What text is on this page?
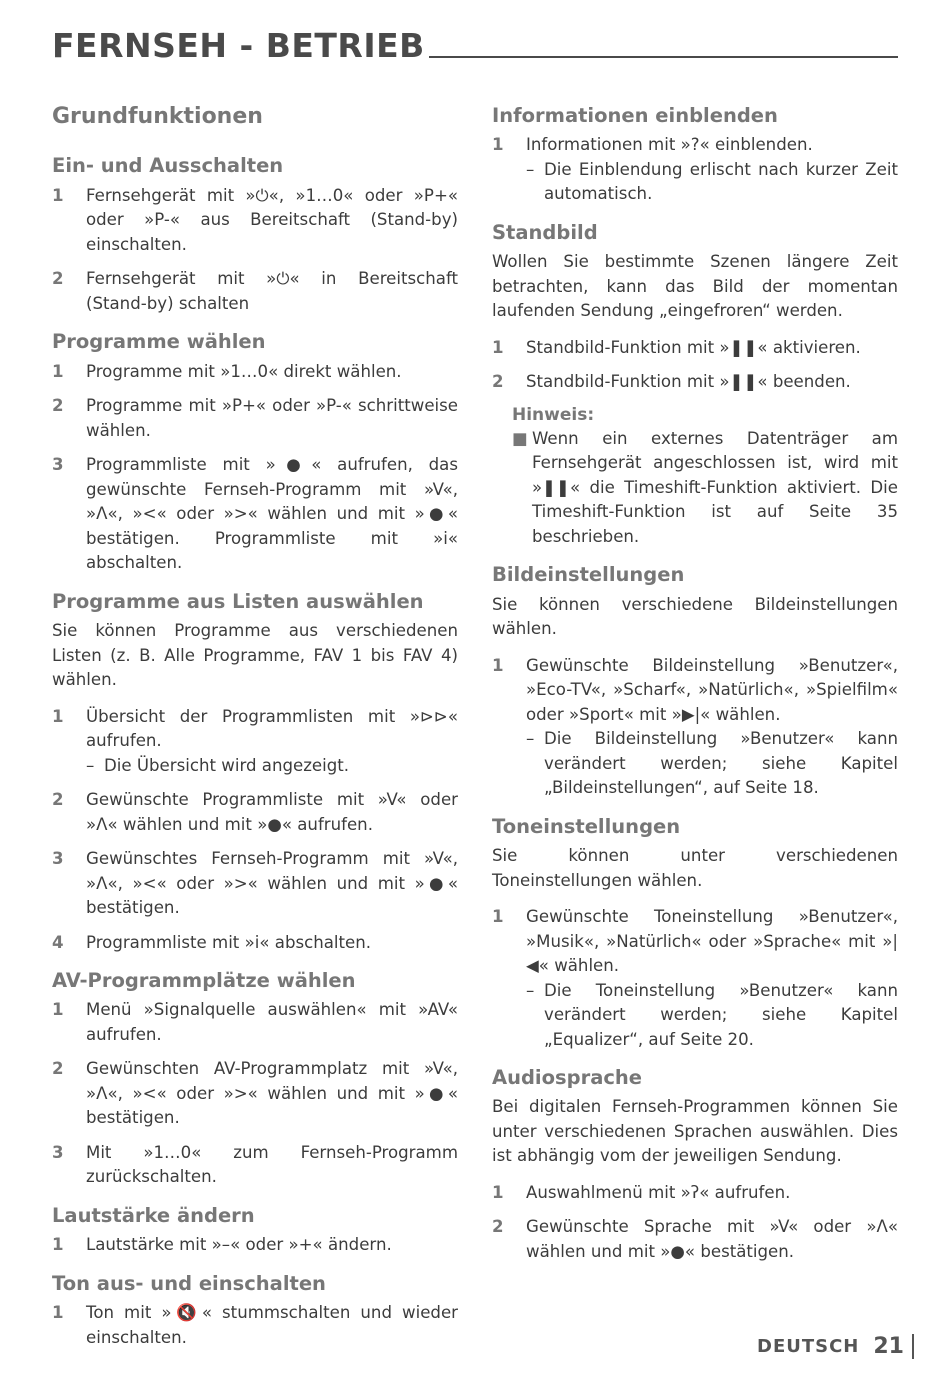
FERNSEH - BETRIEB
Grundfunktionen
Ein- und Ausschalten
1	Fernsehgerät mit »⏻«, »1…0« oder »P+« oder »P-« aus Bereitschaft (Stand-by) einschalten.
2	Fernsehgerät mit »⏻« in Bereitschaft (Stand-by) schalten
Programme wählen
1	Programme mit »1…0« direkt wählen.
2	Programme mit »P+« oder »P-« schrittweise wählen.
3	Programmliste mit »●« aufrufen, das gewünschte Fernseh-Programm mit »V«, »Λ«, »<« oder »>« wählen und mit »●« bestätigen. Programmliste mit »i« abschalten.
Programme aus Listen auswählen

Sie können Programme aus verschiedenen Listen (z. B. Alle Programme, FAV 1 bis FAV 4) wählen.

1	Übersicht der Programmlisten mit »⊳⊳« aufrufen.
– Die Übersicht wird angezeigt.
2	Gewünschte Programmliste mit »V« oder »Λ« wählen und mit »●« aufrufen.
3	Gewünschtes Fernseh-Programm mit »V«, »Λ«, »<« oder »>« wählen und mit »●« bestätigen.
4	Programmliste mit »i« abschalten.
AV-Programmplätze wählen
1	Menü »Signalquelle auswählen« mit »AV« aufrufen.
2	Gewünschten AV-Programmplatz mit »V«, »Λ«, »<« oder »>« wählen und mit »●« bestätigen.
3	Mit »1…0« zum Fernseh-Programm zurückschalten.
Lautstärke ändern
1	Lautstärke mit »–« oder »+« ändern.
Ton aus- und einschalten
1	Ton mit »🔇« stummschalten und wieder einschalten.
Informationen einblenden
1	Informationen mit »?« einblenden.
– Die Einblendung erlischt nach kurzer Zeit automatisch.
Standbild

Wollen Sie bestimmte Szenen längere Zeit betrachten, kann das Bild der momentan laufenden Sendung „eingefroren“ werden.

1	Standbild-Funktion mit »❚❚« aktivieren.
2	Standbild-Funktion mit »❚❚« beenden.
Hinweis:
■ Wenn ein externes Datenträger am Fernsehgerät angeschlossen ist, wird mit »❚❚« die Timeshift-Funktion aktiviert. Die Timeshift-Funktion ist auf Seite 35 beschrieben.
Bildeinstellungen

Sie können verschiedene Bildeinstellungen wählen.

1	Gewünschte Bildeinstellung »Benutzer«, »Eco-TV«, »Scharf«, »Natürlich«, »Spielfilm« oder »Sport« mit »▶|« wählen.
– Die Bildeinstellung »Benutzer« kann verändert werden; siehe Kapitel „Bildeinstellungen“, auf Seite 18.
Toneinstellungen

Sie können unter verschiedenen Toneinstellungen wählen.

1	Gewünschte Toneinstellung »Benutzer«, »Musik«, »Natürlich« oder »Sprache« mit »|◀« wählen.
– Die Toneinstellung »Benutzer« kann verändert werden; siehe Kapitel „Equalizer“, auf Seite 20.
Audiosprache

Bei digitalen Fernseh-Programmen können Sie unter verschiedenen Sprachen auswählen. Dies ist abhängig vom der jeweiligen Sendung.

1	Auswahlmenü mit »ʔ« aufrufen.
2	Gewünschte Sprache mit »V« oder »Λ« wählen und mit »●« bestätigen.
DEUTSCH 21
